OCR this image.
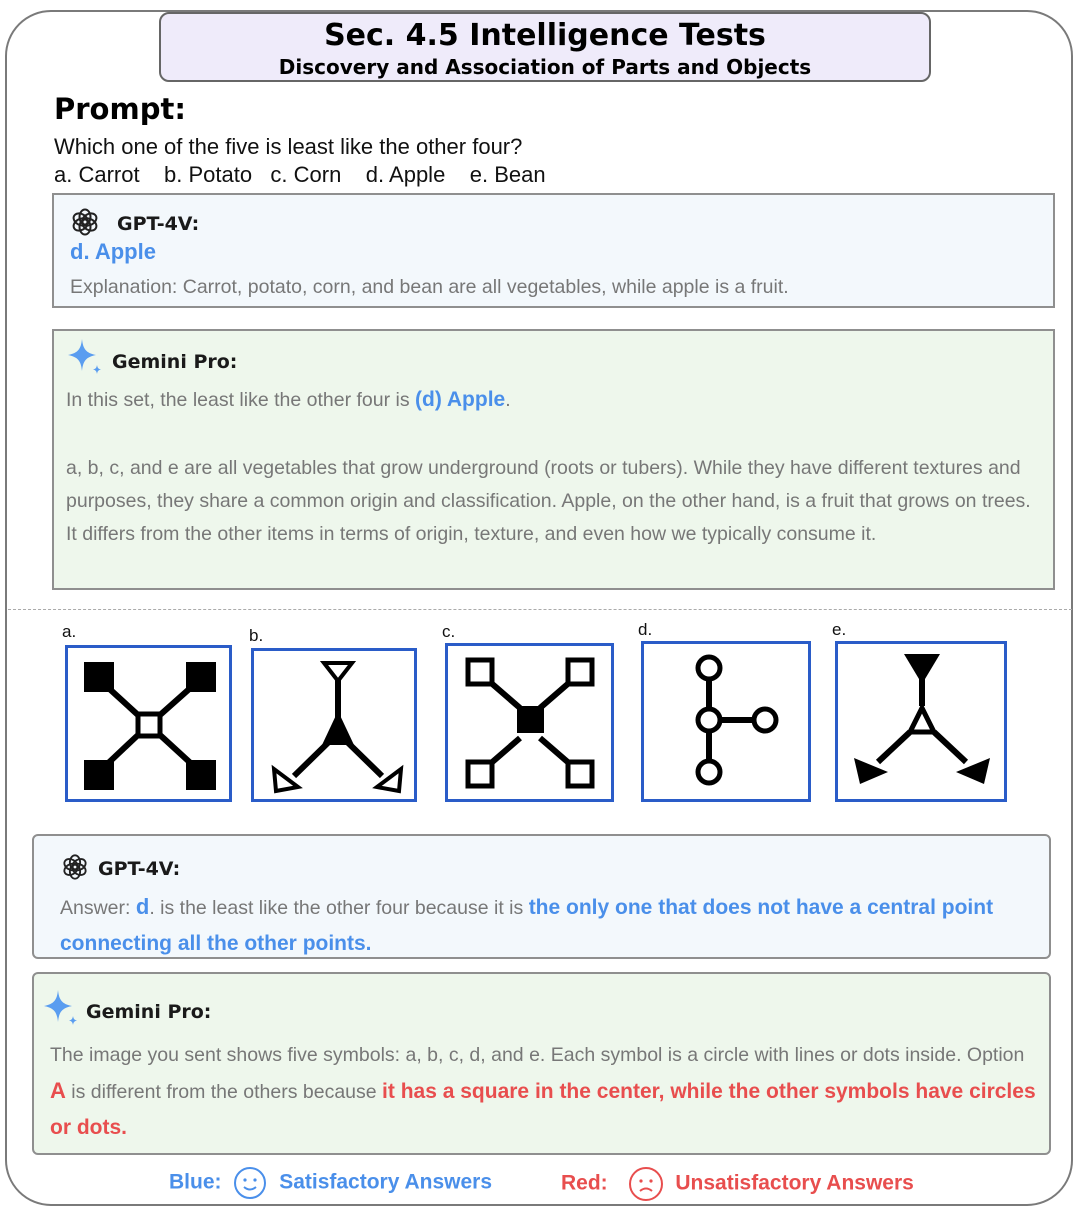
Sec. 4.5 Intelligence Tests
Discovery and Association of Parts and Objects
Prompt:
Which one of the five is least like the other four?
a. Carrot    b. Potato   c. Corn    d. Apple    e. Bean
GPT-4V:
d. Apple
Explanation: Carrot, potato, corn, and bean are all vegetables, while apple is a fruit.
Gemini Pro:
In this set, the least like the other four is (d) Apple.
a, b, c, and e are all vegetables that grow underground (roots or tubers). While they have different textures and purposes, they share a common origin and classification. Apple, on the other hand, is a fruit that grows on trees. It differs from the other items in terms of origin, texture, and even how we typically consume it.
a.	b.	c.	d.	e.
GPT-4V:
Answer: d. is the least like the other four because it is the only one that does not have a central point connecting all the other points.
Gemini Pro:
The image you sent shows five symbols: a, b, c, d, and e. Each symbol is a circle with lines or dots inside. Option A is different from the others because it has a square in the center, while the other symbols have circles or dots.
Blue:	Satisfactory Answers	Red:	Unsatisfactory Answers
